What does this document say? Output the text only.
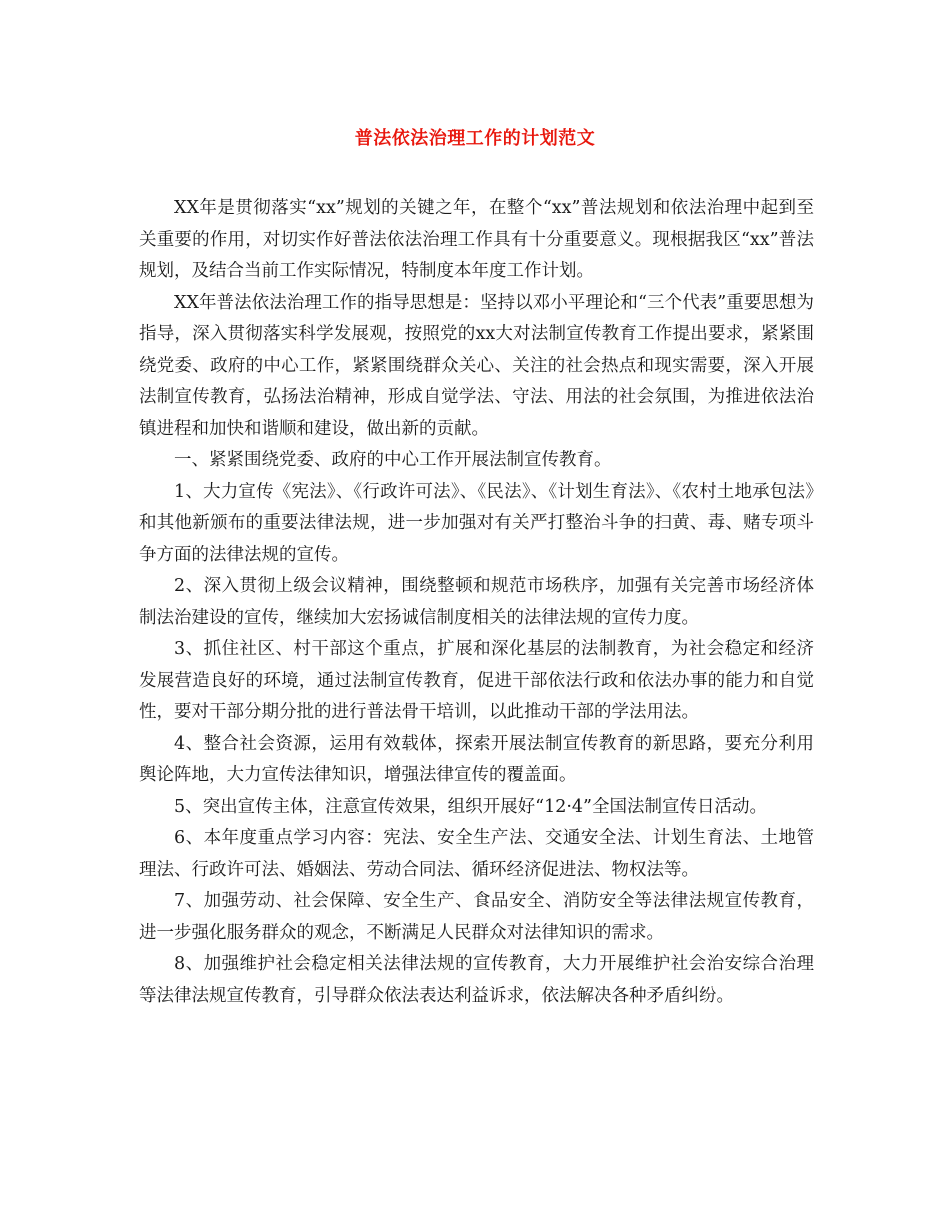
普法依法治理工作的计划范文

XX年是贯彻落实“xx”规划的关键之年，在整个“xx”普法规划和依法治理中起到至关重要的作用，对切实作好普法依法治理工作具有十分重要意义。现根据我区“xx”普法规划，及结合当前工作实际情况，特制度本年度工作计划。

XX年普法依法治理工作的指导思想是：坚持以邓小平理论和“三个代表”重要思想为指导，深入贯彻落实科学发展观，按照党的xx大对法制宣传教育工作提出要求，紧紧围绕党委、政府的中心工作，紧紧围绕群众关心、关注的社会热点和现实需要，深入开展法制宣传教育，弘扬法治精神，形成自觉学法、守法、用法的社会氛围，为推进依法治镇进程和加快和谐顺和建设，做出新的贡献。

一、紧紧围绕党委、政府的中心工作开展法制宣传教育。

1、大力宣传《宪法》、《行政许可法》、《民法》、《计划生育法》、《农村土地承包法》和其他新颁布的重要法律法规，进一步加强对有关严打整治斗争的扫黄、毒、赌专项斗争方面的法律法规的宣传。

2、深入贯彻上级会议精神，围绕整顿和规范市场秩序，加强有关完善市场经济体制法治建设的宣传，继续加大宏扬诚信制度相关的法律法规的宣传力度。

3、抓住社区、村干部这个重点，扩展和深化基层的法制教育，为社会稳定和经济发展营造良好的环境，通过法制宣传教育，促进干部依法行政和依法办事的能力和自觉性，要对干部分期分批的进行普法骨干培训，以此推动干部的学法用法。

4、整合社会资源，运用有效载体，探索开展法制宣传教育的新思路，要充分利用舆论阵地，大力宣传法律知识，增强法律宣传的覆盖面。

5、突出宣传主体，注意宣传效果，组织开展好“12·4”全国法制宣传日活动。

6、本年度重点学习内容：宪法、安全生产法、交通安全法、计划生育法、土地管理法、行政许可法、婚姻法、劳动合同法、循环经济促进法、物权法等。

7、加强劳动、社会保障、安全生产、食品安全、消防安全等法律法规宣传教育，进一步强化服务群众的观念，不断满足人民群众对法律知识的需求。

8、加强维护社会稳定相关法律法规的宣传教育，大力开展维护社会治安综合治理等法律法规宣传教育，引导群众依法表达利益诉求，依法解决各种矛盾纠纷。
